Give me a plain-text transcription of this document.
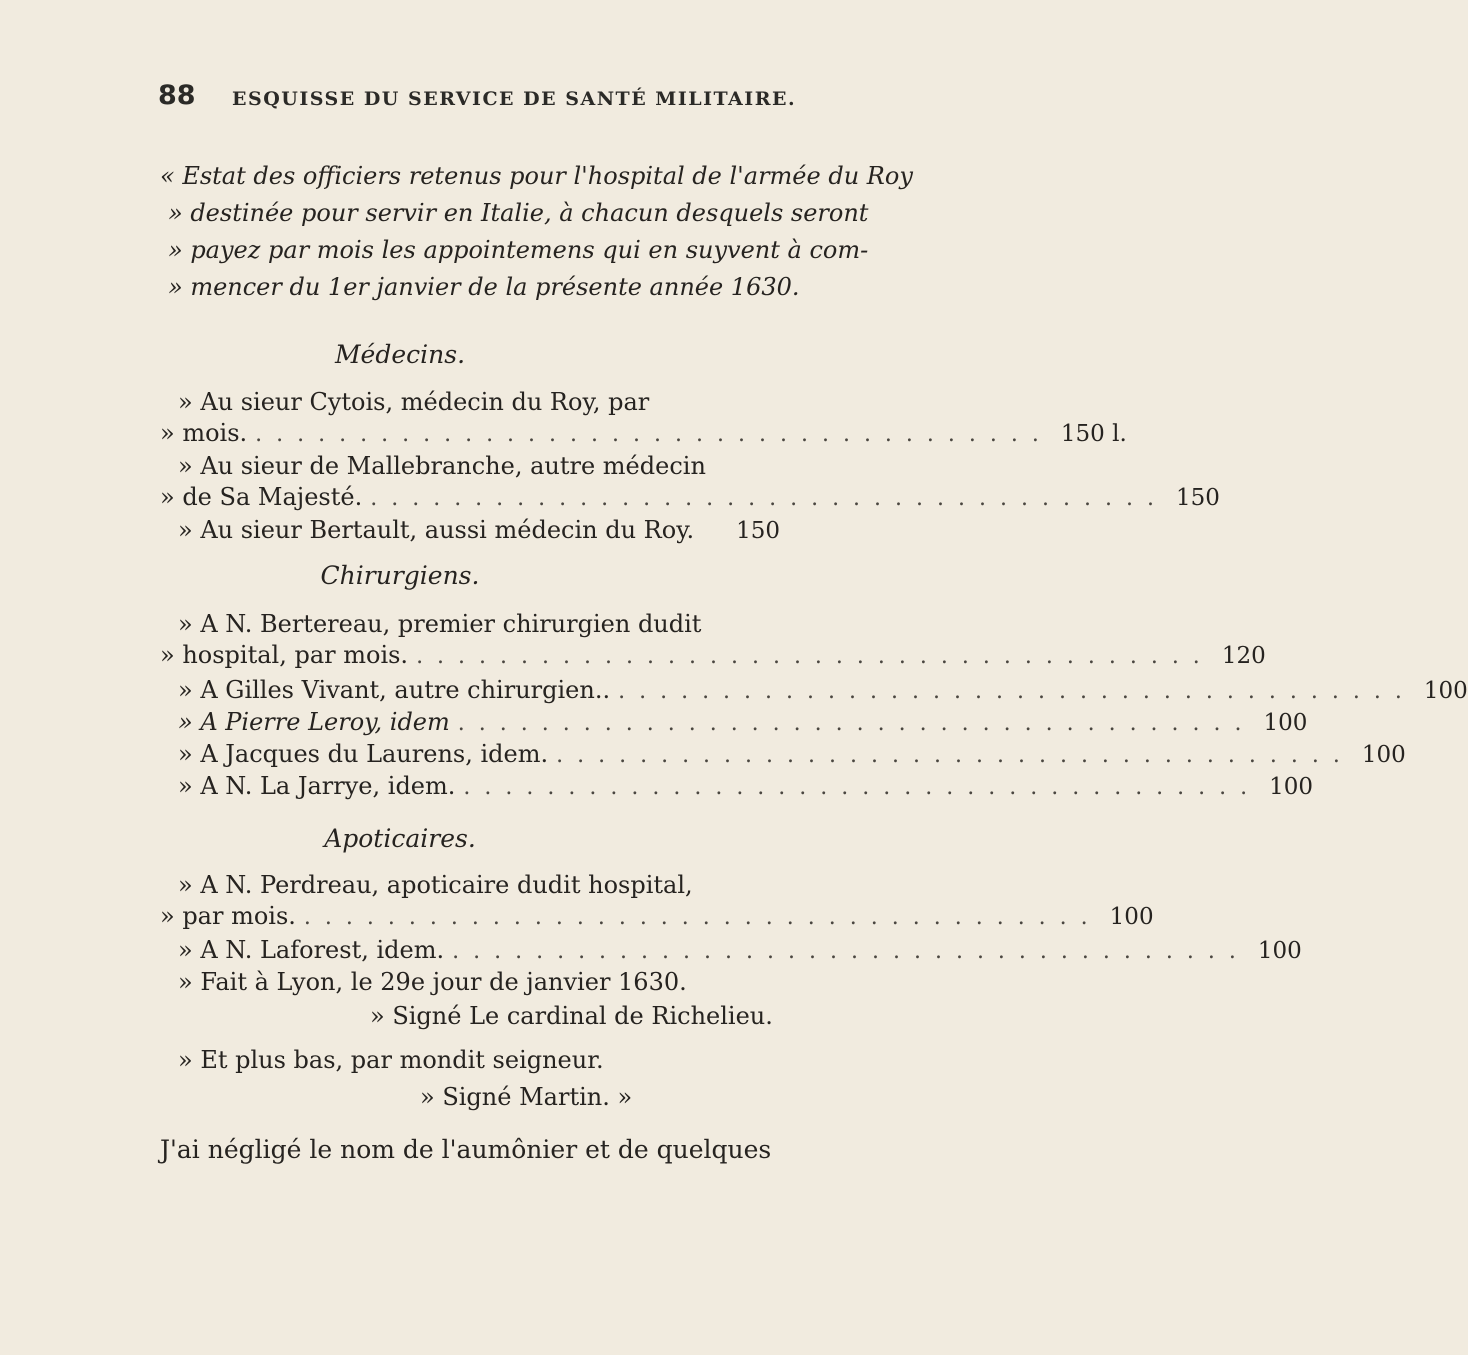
88 ESQUISSE DU SERVICE DE SANTÉ MILITAIRE.
« Estat des officiers retenus pour l'hospital de l'armée du Roy
» destinée pour servir en Italie, à chacun desquels seront
» payez par mois les appointemens qui en suyvent à com-
» mencer du 1er janvier de la présente année 1630.
Médecins.
» Au sieur Cytois, médecin du Roy, par
» mois. ...................................... 150 l.
» Au sieur de Mallebranche, autre médecin
» de Sa Majesté. ...................................... 150
» Au sieur Bertault, aussi médecin du Roy. 150
Chirurgiens.
» A N. Bertereau, premier chirurgien dudit
» hospital, par mois. ...................................... 120
» A Gilles Vivant, autre chirurgien.. ...................................... 100
» A Pierre Leroy, idem ...................................... 100
» A Jacques du Laurens, idem. ...................................... 100
» A N. La Jarrye, idem. ...................................... 100
Apoticaires.
» A N. Perdreau, apoticaire dudit hospital,
» par mois. ...................................... 100
» A N. Laforest, idem. ...................................... 100
» Fait à Lyon, le 29e jour de janvier 1630.
» Signé Le cardinal de Richelieu.
» Et plus bas, par mondit seigneur.
» Signé Martin. »
J'ai négligé le nom de l'aumônier et de quelques
